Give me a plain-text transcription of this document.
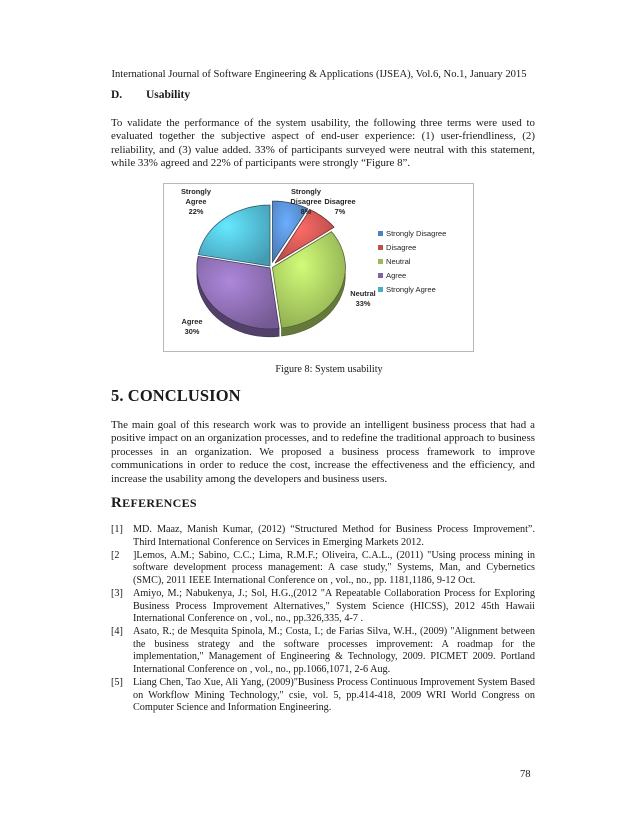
International Journal of Software Engineering & Applications (IJSEA), Vol.6, No.1, January 2015
D. Usability
To validate the performance of the system usability, the following three terms were used to evaluated together the subjective aspect of end-user experience: (1) user-friendliness, (2) reliability, and (3) value added. 33% of participants surveyed were neutral with this statement, while 33% agreed and 22% of participants were strongly “Figure 8”.
Strongly
Disagree
8%
Disagree
7%
Neutral
33%
Agree
30%
Strongly
Agree
22%
Strongly Disagree
Disagree
Neutral
Agree
Strongly Agree
Figure 8: System usability
5. CONCLUSION
The main goal of this research work was to provide an intelligent business process that had a positive impact on an organization processes, and to redefine the traditional approach to business processes in an organization. We proposed a business process framework to improve communications in order to reduce the cost, increase the effectiveness and the efficiency, and increase the usability among the developers and business users.
REFERENCES
[1] MD. Maaz, Manish Kumar, (2012) “Structured Method for Business Process Improvement”. Third International Conference on Services in Emerging Markets 2012.
[2 ]Lemos, A.M.; Sabino, C.C.; Lima, R.M.F.; Oliveira, C.A.L., (2011) "Using process mining in software development process management: A case study," Systems, Man, and Cybernetics (SMC), 2011 IEEE International Conference on , vol., no., pp. 1181,1186, 9-12 Oct.
[3] Amiyo, M.; Nabukenya, J.; Sol, H.G.,(2012 "A Repeatable Collaboration Process for Exploring Business Process Improvement Alternatives," System Science (HICSS), 2012 45th Hawaii International Conference on , vol., no., pp.326,335, 4-7 .
[4] Asato, R.; de Mesquita Spinola, M.; Costa, I.; de Farias Silva, W.H., (2009) "Alignment between the business strategy and the software processes improvement: A roadmap for the implementation," Management of Engineering & Technology, 2009. PICMET 2009. Portland International Conference on , vol., no., pp.1066,1071, 2-6 Aug.
[5] Liang Chen, Tao Xue, Ali Yang, (2009)"Business Process Continuous Improvement System Based on Workflow Mining Technology," csie, vol. 5, pp.414-418, 2009 WRI World Congress on Computer Science and Information Engineering.
78
